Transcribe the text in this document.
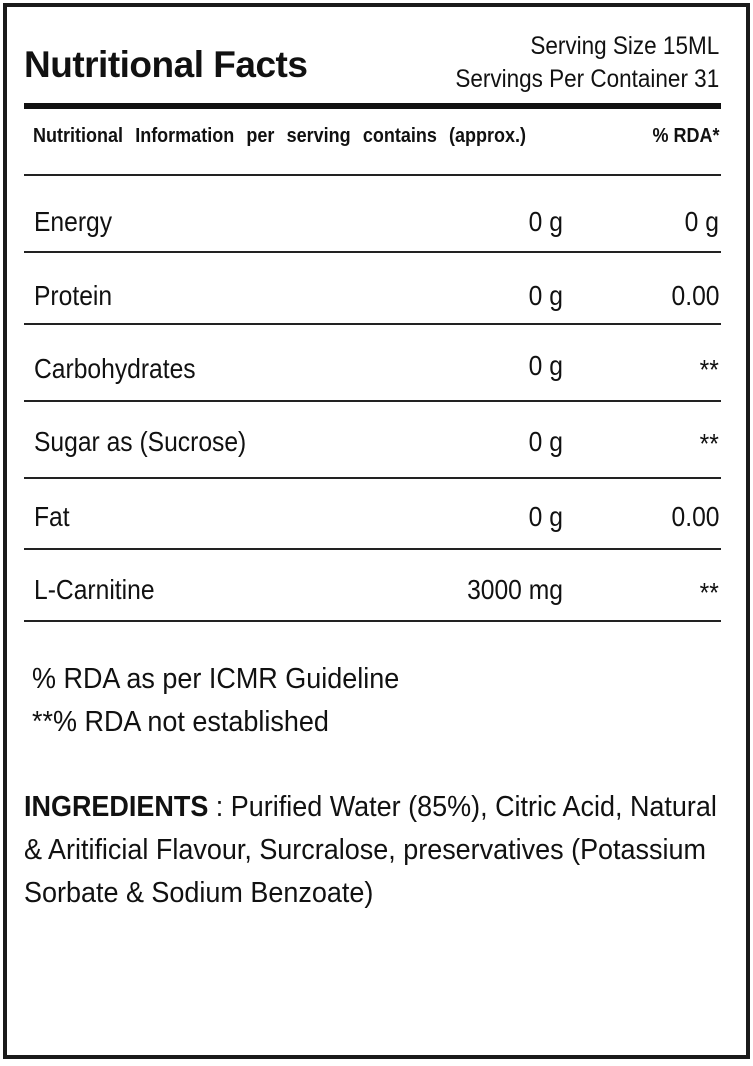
Nutritional Facts	Serving Size 15ML
Servings Per Container 31
Nutritional Information per serving contains (approx.)	% RDA*
Energy	0 g	0 g
Protein	0 g	0.00
Carbohydrates	0 g	**
Sugar as (Sucrose)	0 g	**
Fat	0 g	0.00
L-Carnitine	3000 mg	**
% RDA as per ICMR Guideline
**% RDA not established
INGREDIENTS : Purified Water (85%), Citric Acid, Natural & Aritificial Flavour, Surcralose, preservatives (Potassium Sorbate & Sodium Benzoate)
